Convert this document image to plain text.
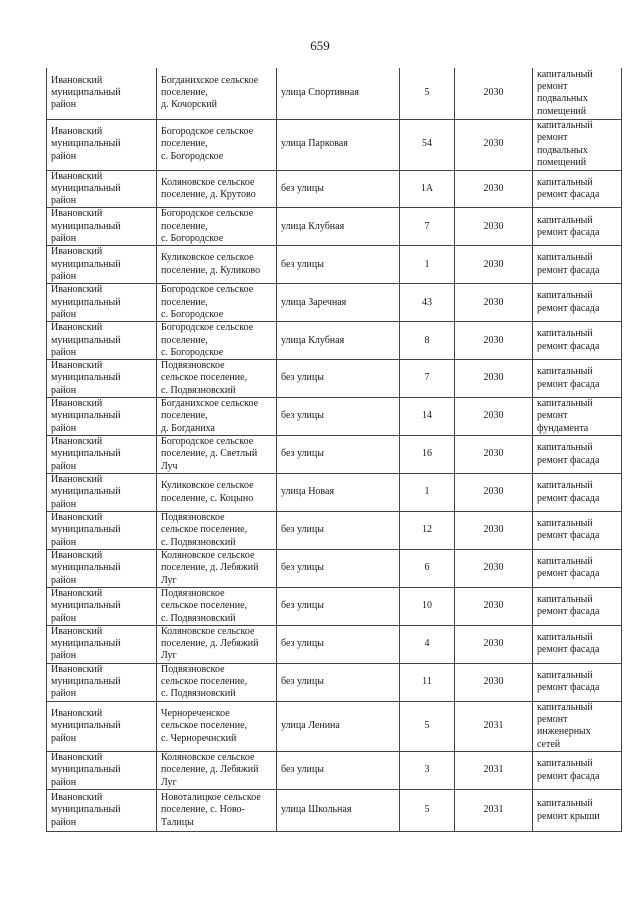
659
Ивановский
муниципальный
район	Богданихское сельское
поселение,
д. Кочорский	улица Спортивная	5	2030	капитальный
ремонт
подвальных
помещений

Ивановский
муниципальный
район	Богородское сельское
поселение,
с. Богородское	улица Парковая	54	2030	капитальный
ремонт
подвальных
помещений

Ивановский
муниципальный
район	Коляновское сельское
поселение, д. Крутово	без улицы	1А	2030	капитальный
ремонт фасада

Ивановский
муниципальный
район	Богородское сельское
поселение,
с. Богородское	улица Клубная	7	2030	капитальный
ремонт фасада

Ивановский
муниципальный
район	Куликовское сельское
поселение, д. Куликово	без улицы	1	2030	капитальный
ремонт фасада

Ивановский
муниципальный
район	Богородское сельское
поселение,
с. Богородское	улица Заречная	43	2030	капитальный
ремонт фасада

Ивановский
муниципальный
район	Богородское сельское
поселение,
с. Богородское	улица Клубная	8	2030	капитальный
ремонт фасада

Ивановский
муниципальный
район	Подвязновское
сельское поселение,
с. Подвязновский	без улицы	7	2030	капитальный
ремонт фасада

Ивановский
муниципальный
район	Богданихское сельское
поселение,
д. Богданиха	без улицы	14	2030	капитальный
ремонт
фундамента

Ивановский
муниципальный
район	Богородское сельское
поселение, д. Светлый
Луч	без улицы	16	2030	капитальный
ремонт фасада

Ивановский
муниципальный
район	Куликовское сельское
поселение, с. Коцыно	улица Новая	1	2030	капитальный
ремонт фасада

Ивановский
муниципальный
район	Подвязновское
сельское поселение,
с. Подвязновский	без улицы	12	2030	капитальный
ремонт фасада

Ивановский
муниципальный
район	Коляновское сельское
поселение, д. Лебяжий
Луг	без улицы	6	2030	капитальный
ремонт фасада

Ивановский
муниципальный
район	Подвязновское
сельское поселение,
с. Подвязновский	без улицы	10	2030	капитальный
ремонт фасада

Ивановский
муниципальный
район	Коляновское сельское
поселение, д. Лебяжий
Луг	без улицы	4	2030	капитальный
ремонт фасада

Ивановский
муниципальный
район	Подвязновское
сельское поселение,
с. Подвязновский	без улицы	11	2030	капитальный
ремонт фасада

Ивановский
муниципальный
район	Чернореченское
сельское поселение,
с. Черноречнский	улица Ленина	5	2031	капитальный
ремонт
инженерных
сетей

Ивановский
муниципальный
район	Коляновское сельское
поселение, д. Лебяжий
Луг	без улицы	3	2031	капитальный
ремонт фасада

Ивановский
муниципальный
район	Новоталицкое сельское
поселение, с. Ново-
Талицы	улица Школьная	5	2031	капитальный
ремонт крыши
